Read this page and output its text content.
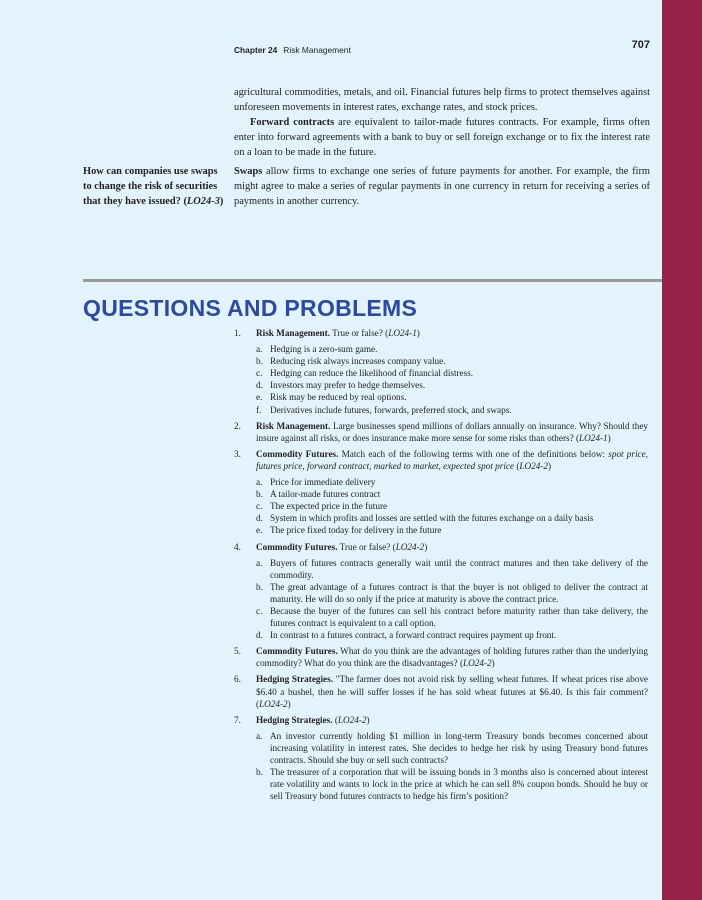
Chapter 24 Risk Management	707

agricultural commodities, metals, and oil. Financial futures help firms to protect themselves against unforeseen movements in interest rates, exchange rates, and stock prices.

Forward contracts are equivalent to tailor-made futures contracts. For example, firms often enter into forward agreements with a bank to buy or sell foreign exchange or to fix the interest rate on a loan to be made in the future.

Swaps allow firms to exchange one series of future payments for another. For example, the firm might agree to make a series of regular payments in one currency in return for receiving a series of payments in another currency.

How can companies use swaps to change the risk of securities that they have issued? (LO24-3)
QUESTIONS AND PROBLEMS
1. Risk Management. True or false? (LO24-1)
a. Hedging is a zero-sum game.
b. Reducing risk always increases company value.
c. Hedging can reduce the likelihood of financial distress.
d. Investors may prefer to hedge themselves.
e. Risk may be reduced by real options.
f. Derivatives include futures, forwards, preferred stock, and swaps.
2. Risk Management. Large businesses spend millions of dollars annually on insurance. Why? Should they insure against all risks, or does insurance make more sense for some risks than others? (LO24-1)
3. Commodity Futures. Match each of the following terms with one of the definitions below: spot price, futures price, forward contract, marked to market, expected spot price (LO24-2)
a. Price for immediate delivery
b. A tailor-made futures contract
c. The expected price in the future
d. System in which profits and losses are settled with the futures exchange on a daily basis
e. The price fixed today for delivery in the future
4. Commodity Futures. True or false? (LO24-2)
a. Buyers of futures contracts generally wait until the contract matures and then take delivery of the commodity.
b. The great advantage of a futures contract is that the buyer is not obliged to deliver the contract at maturity. He will do so only if the price at maturity is above the contract price.
c. Because the buyer of the futures can sell his contract before maturity rather than take delivery, the futures contract is equivalent to a call option.
d. In contrast to a futures contract, a forward contract requires payment up front.
5. Commodity Futures. What do you think are the advantages of holding futures rather than the underlying commodity? What do you think are the disadvantages? (LO24-2)
6. Hedging Strategies. "The farmer does not avoid risk by selling wheat futures. If wheat prices rise above $6.40 a bushel, then he will suffer losses if he has sold wheat futures at $6.40. Is this fair comment? (LO24-2)
7. Hedging Strategies. (LO24-2)
a. An investor currently holding $1 million in long-term Treasury bonds becomes concerned about increasing volatility in interest rates. She decides to hedge her risk by using Treasury bond futures contracts. Should she buy or sell such contracts?
b. The treasurer of a corporation that will be issuing bonds in 3 months also is concerned about interest rate volatility and wants to lock in the price at which he can sell 8% coupon bonds. Should he buy or sell Treasury bond futures contracts to hedge his firm’s position?
